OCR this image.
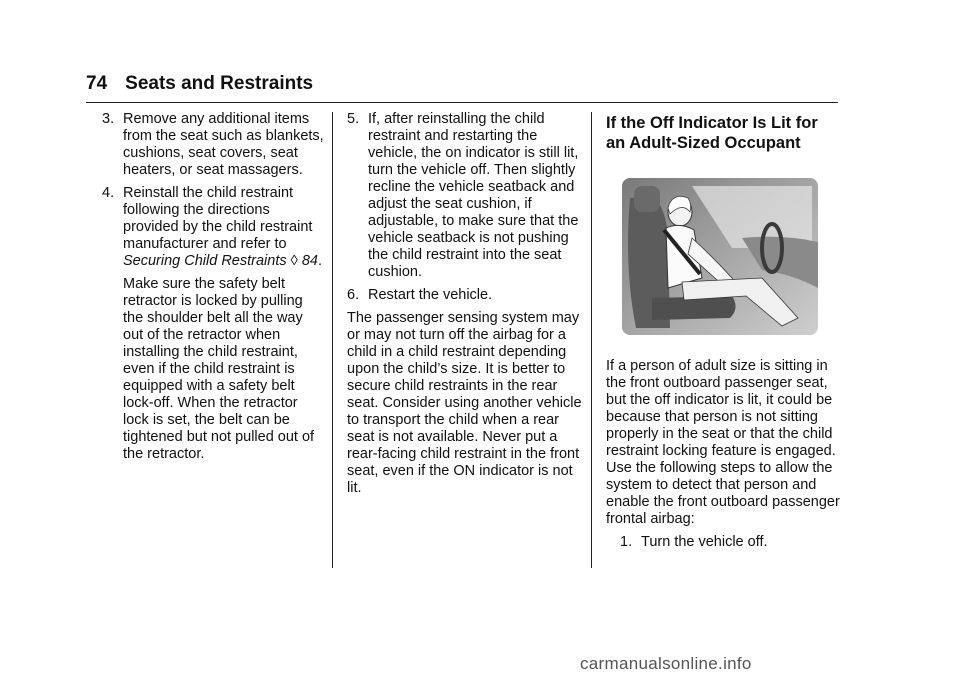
74 Seats and Restraints
3. Remove any additional items from the seat such as blankets, cushions, seat covers, seat heaters, or seat massagers.
4. Reinstall the child restraint following the directions provided by the child restraint manufacturer and refer to Securing Child Restraints ◊ 84.

Make sure the safety belt retractor is locked by pulling the shoulder belt all the way out of the retractor when installing the child restraint, even if the child restraint is equipped with a safety belt lock-off. When the retractor lock is set, the belt can be tightened but not pulled out of the retractor.

5. If, after reinstalling the child restraint and restarting the vehicle, the on indicator is still lit, turn the vehicle off. Then slightly recline the vehicle seatback and adjust the seat cushion, if adjustable, to make sure that the vehicle seatback is not pushing the child restraint into the seat cushion.
6. Restart the vehicle.

The passenger sensing system may or may not turn off the airbag for a child in a child restraint depending upon the child’s size. It is better to secure child restraints in the rear seat. Consider using another vehicle to transport the child when a rear seat is not available. Never put a rear-facing child restraint in the front seat, even if the ON indicator is not lit.

If the Off Indicator Is Lit for an Adult-Sized Occupant

If a person of adult size is sitting in the front outboard passenger seat, but the off indicator is lit, it could be because that person is not sitting properly in the seat or that the child restraint locking feature is engaged. Use the following steps to allow the system to detect that person and enable the front outboard passenger frontal airbag:

1. Turn the vehicle off.
carmanualsonline.info
